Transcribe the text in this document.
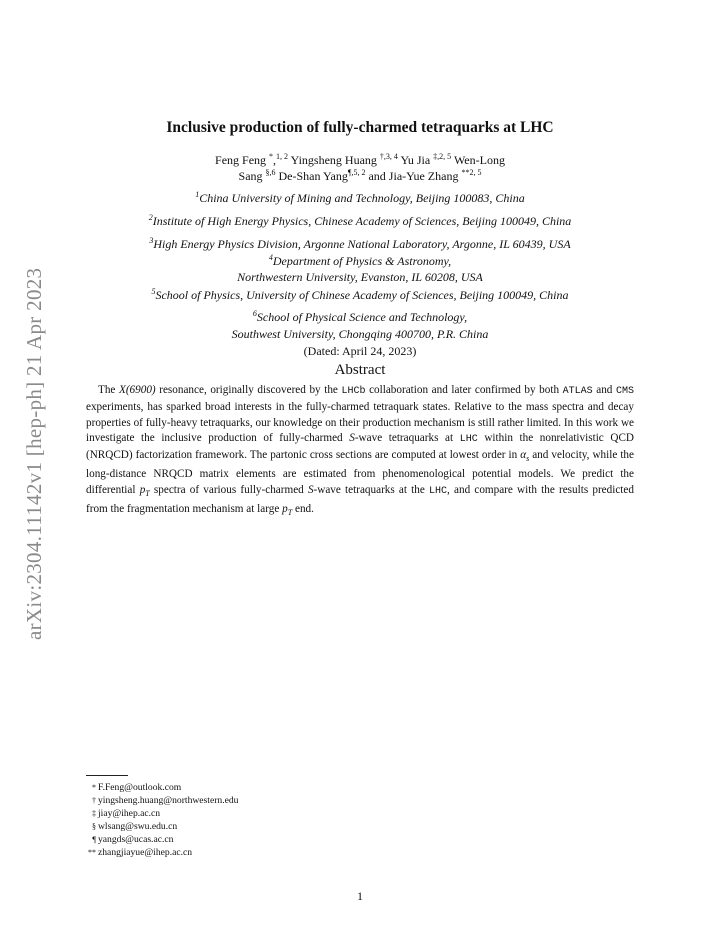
arXiv:2304.11142v1 [hep-ph] 21 Apr 2023
Inclusive production of fully-charmed tetraquarks at LHC
Feng Feng *,$^{1, 2}$ Yingsheng Huang $^{\dagger,3, 4}$ Yu Jia $^{\ddagger,2, 5}$ Wen-Long
Sang $^{\S,6}$ De-Shan Yang$^{\P,5, 2}$ and Jia-Yue Zhang $^{**2, 5}$
$^1$China University of Mining and Technology, Beijing 100083, China
$^2$Institute of High Energy Physics, Chinese Academy of Sciences, Beijing 100049, China
$^3$High Energy Physics Division, Argonne National Laboratory, Argonne, IL 60439, USA
$^4$Department of Physics & Astronomy,
Northwestern University, Evanston, IL 60208, USA
$^5$School of Physics, University of Chinese Academy of Sciences, Beijing 100049, China
$^6$School of Physical Science and Technology,
Southwest University, Chongqing 400700, P.R. China
(Dated: April 24, 2023)
Abstract
The X(6900) resonance, originally discovered by the LHCb collaboration and later confirmed by both ATLAS and CMS experiments, has sparked broad interests in the fully-charmed tetraquark states. Relative to the mass spectra and decay properties of fully-heavy tetraquarks, our knowledge on their production mechanism is still rather limited. In this work we investigate the inclusive production of fully-charmed S-wave tetraquarks at LHC within the nonrelativistic QCD (NRQCD) factorization framework. The partonic cross sections are computed at lowest order in $\alpha_s$ and velocity, while the long-distance NRQCD matrix elements are estimated from phenomenological potential models. We predict the differential $p_T$ spectra of various fully-charmed S-wave tetraquarks at the LHC, and compare with the results predicted from the fragmentation mechanism at large $p_T$ end.
* F.Feng@outlook.com
† yingsheng.huang@northwestern.edu
‡ jiay@ihep.ac.cn
§ wlsang@swu.edu.cn
¶ yangds@ucas.ac.cn
** zhangjiayue@ihep.ac.cn
1
